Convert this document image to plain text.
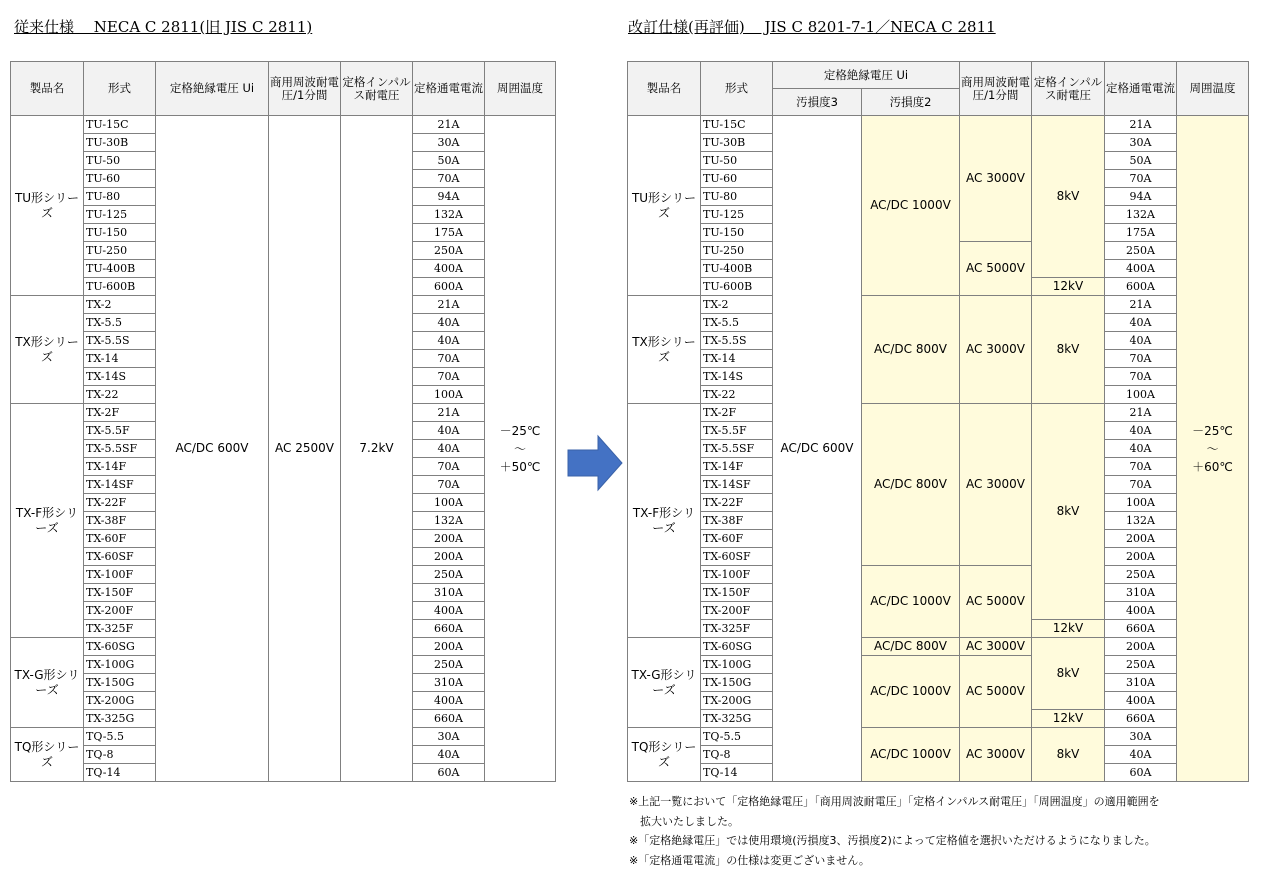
従来仕様　 NECA C 2811(旧 JIS C 2811)	改訂仕様(再評価)　 JIS C 8201-7-1／NECA C 2811
製品名	形式	定格絶縁電圧 Ui	商用周波耐電圧/1分間	定格インパルス耐電圧	定格通電電流	周囲温度
TU形シリーズ	TU-15C	AC/DC 600V	AC 2500V	7.2kV	21A	－25℃
～
＋50℃

	TU-30B				30A	
	TU-50				50A	
	TU-60				70A	
	TU-80				94A	
	TU-125				132A	
	TU-150				175A	
	TU-250				250A	
	TU-400B				400A	
	TU-600B				600A	
TX形シリーズ	TX-2				21A	
	TX-5.5				40A	
	TX-5.5S				40A	
	TX-14				70A	
	TX-14S				70A	
	TX-22				100A	
TX-F形シリーズ	TX-2F				21A	
	TX-5.5F				40A	
	TX-5.5SF				40A	
	TX-14F				70A	
	TX-14SF				70A	
	TX-22F				100A	
	TX-38F				132A	
	TX-60F				200A	
	TX-60SF				200A	
	TX-100F				250A	
	TX-150F				310A	
	TX-200F				400A	
	TX-325F				660A	
TX-G形シリーズ	TX-60SG				200A	
	TX-100G				250A	
	TX-150G				310A	
	TX-200G				400A	
	TX-325G				660A	
TQ形シリーズ	TQ-5.5				30A	
	TQ-8				40A	
	TQ-14				60A	
製品名	形式	定格絶縁電圧 Ui		商用周波耐電圧/1分間	定格インパルス耐電圧	定格通電電流	周囲温度
		汚損度3	汚損度2				
TU形シリーズ	TU-15C	AC/DC 600V	AC/DC 1000V	AC 3000V	8kV	21A	－25℃
～
＋60℃

	TU-30B					30A	
	TU-50					50A	
	TU-60					70A	
	TU-80					94A	
	TU-125					132A	
	TU-150					175A	
	TU-250			AC 5000V		250A	
	TU-400B					400A	
	TU-600B				12kV	600A	
TX形シリーズ	TX-2		AC/DC 800V	AC 3000V	8kV	21A	
	TX-5.5					40A	
	TX-5.5S					40A	
	TX-14					70A	
	TX-14S					70A	
	TX-22					100A	
TX-F形シリーズ	TX-2F		AC/DC 800V	AC 3000V	8kV	21A	
	TX-5.5F					40A	
	TX-5.5SF					40A	
	TX-14F					70A	
	TX-14SF					70A	
	TX-22F					100A	
	TX-38F					132A	
	TX-60F					200A	
	TX-60SF					200A	
	TX-100F		AC/DC 1000V	AC 5000V		250A	
	TX-150F					310A	
	TX-200F					400A	
	TX-325F				12kV	660A	
TX-G形シリーズ	TX-60SG		AC/DC 800V	AC 3000V	8kV	200A	
	TX-100G		AC/DC 1000V	AC 5000V		250A	
	TX-150G					310A	
	TX-200G					400A	
	TX-325G				12kV	660A	
TQ形シリーズ	TQ-5.5		AC/DC 1000V	AC 3000V	8kV	30A	
	TQ-8					40A	
	TQ-14					60A	
※上記一覧において「定格絶縁電圧」「商用周波耐電圧」「定格インパルス耐電圧」「周囲温度」の適用範囲を
　拡大いたしました。
※「定格絶縁電圧」では使用環境(汚損度3、汚損度2)によって定格値を選択いただけるようになりました。
※「定格通電電流」の仕様は変更ございません。
